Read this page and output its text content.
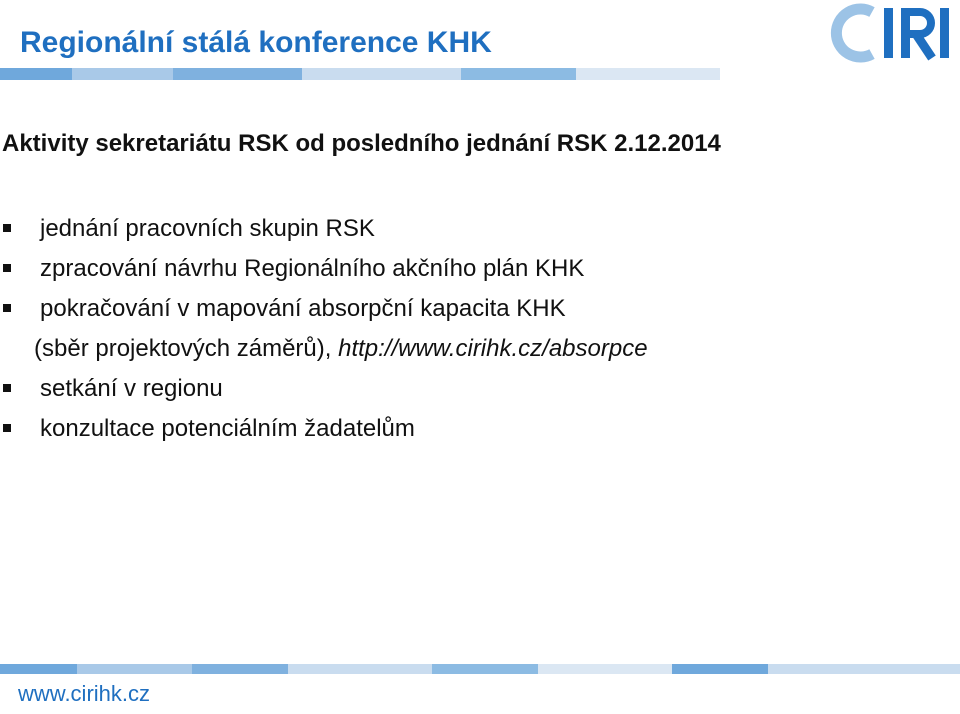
Regionální stálá konference KHK
Aktivity sekretariátu RSK od posledního jednání RSK 2.12.2014
jednání pracovních skupin RSK
zpracování návrhu Regionálního akčního plán KHK
pokračování v mapování absorpční kapacita KHK
(sběr projektových záměrů), http://www.cirihk.cz/absorpce
setkání v regionu
konzultace potenciálním žadatelům

www.cirihk.cz
